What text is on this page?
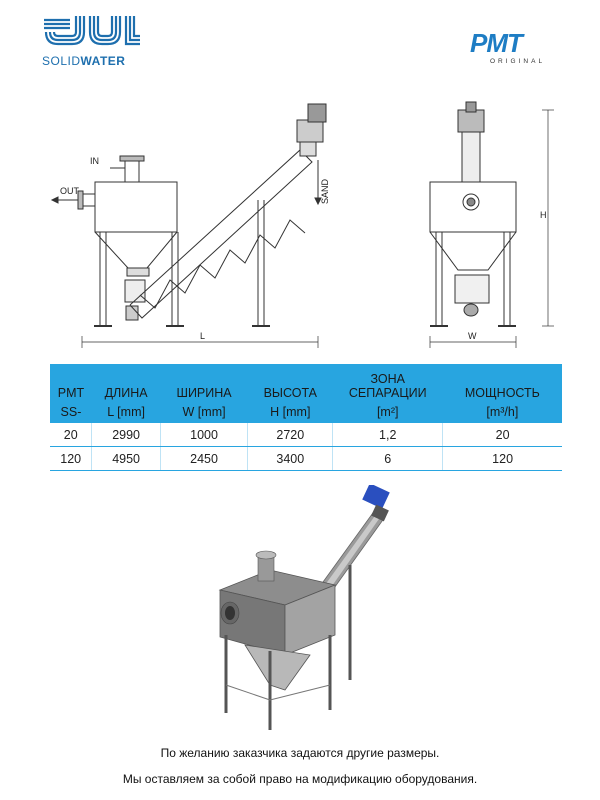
SOLIDWATER
PMT
ORIGINAL
IN
OUT	SAND
L	W
H
PMT	ДЛИНА	ШИРИНА	ВЫСОТА	ЗОНА СЕПАРАЦИИ	МОЩНОСТЬ
SS-	L [mm]	W [mm]	H [mm]	[m²]	[m³/h]
20	2990	1000	2720	1,2	20
120	4950	2450	3400	6	120
По желанию заказчика задаются другие размеры.
Мы оставляем за собой право на модификацию оборудования.
